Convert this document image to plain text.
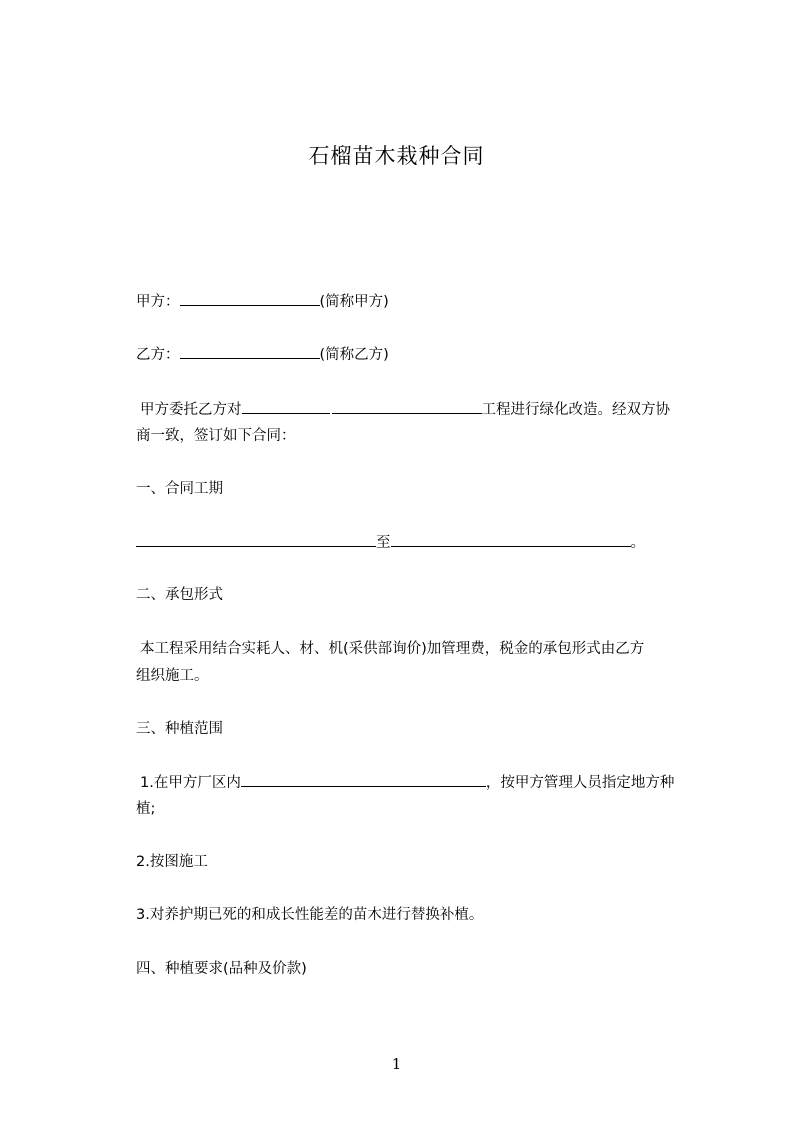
石榴苗木栽种合同
甲方：	(简称甲方)
乙方：	(简称乙方)
甲方委托乙方对	工程进行绿化改造。经双方协
商一致，签订如下合同：
一、合同工期
至	。
二、承包形式
本工程采用结合实耗人、材、机(采供部询价)加管理费，税金的承包形式由乙方
组织施工。
三、种植范围
1.在甲方厂区内	，按甲方管理人员指定地方种
植;
2.按图施工
3.对养护期已死的和成长性能差的苗木进行替换补植。
四、种植要求(品种及价款)
1
